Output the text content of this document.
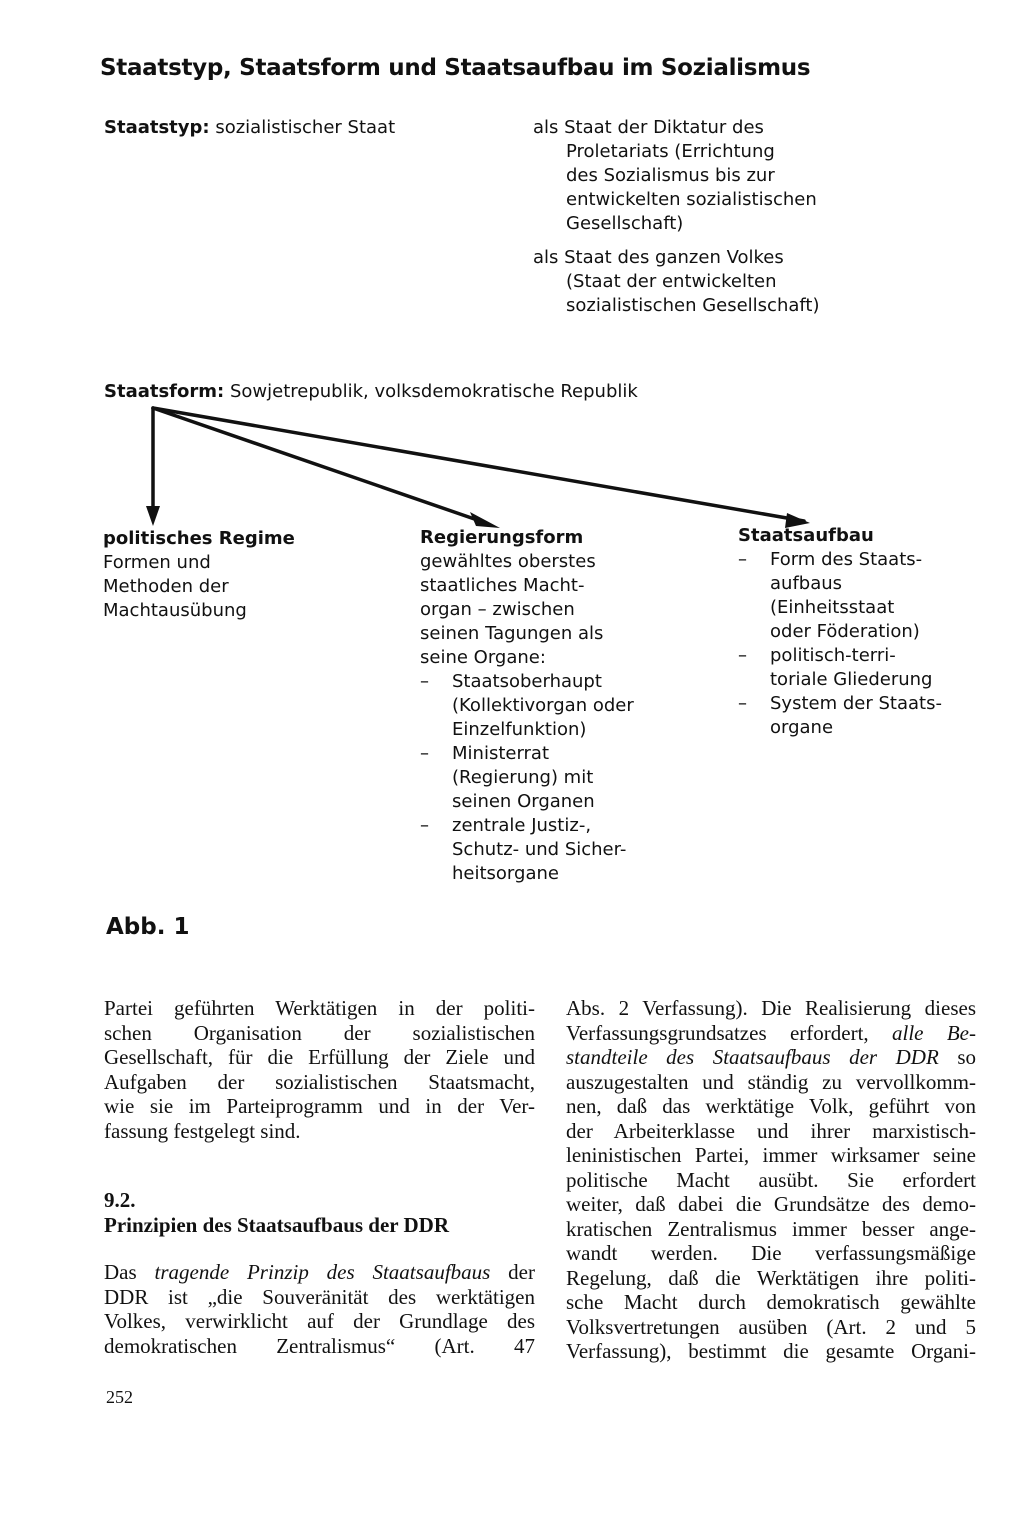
Staatstyp, Staatsform und Staatsaufbau im Sozialismus
Staatstyp: sozialistischer Staat	als Staat der Diktatur des
Proletariats (Errichtung
des Sozialismus bis zur
entwickelten sozialistischen
Gesellschaft)
als Staat des ganzen Volkes
(Staat der entwickelten
sozialistischen Gesellschaft)
Staatsform: Sowjetrepublik, volksdemokratische Republik
politisches Regime
Formen und
Methoden der
Machtausübung
Regierungsform
gewähltes oberstes
staatliches Macht-
organ – zwischen
seinen Tagungen als
seine Organe:
– Staatsoberhaupt
(Kollektivorgan oder
Einzelfunktion)
– Ministerrat
(Regierung) mit
seinen Organen
– zentrale Justiz-,
Schutz- und Sicher-
heitsorgane
Staatsaufbau
– Form des Staats-
aufbaus
(Einheitsstaat
oder Föderation)
– politisch-terri-
toriale Gliederung
– System der Staats-
organe
Abb. 1
Partei geführten Werktätigen in der politi-
schen Organisation der sozialistischen
Gesellschaft, für die Erfüllung der Ziele und
Aufgaben der sozialistischen Staatsmacht,
wie sie im Parteiprogramm und in der Ver-
fassung festgelegt sind.
9.2.
Prinzipien des Staatsaufbaus der DDR
Das tragende Prinzip des Staatsaufbaus der
DDR ist „die Souveränität des werktätigen
Volkes, verwirklicht auf der Grundlage des
demokratischen Zentralismus“ (Art. 47
Abs. 2 Verfassung). Die Realisierung dieses
Verfassungsgrundsatzes erfordert, alle Be-
standteile des Staatsaufbaus der DDR so
auszugestalten und ständig zu vervollkomm-
nen, daß das werktätige Volk, geführt von
der Arbeiterklasse und ihrer marxistisch-
leninistischen Partei, immer wirksamer seine
politische Macht ausübt. Sie erfordert
weiter, daß dabei die Grundsätze des demo-
kratischen Zentralismus immer besser ange-
wandt werden. Die verfassungsmäßige
Regelung, daß die Werktätigen ihre politi-
sche Macht durch demokratisch gewählte
Volksvertretungen ausüben (Art. 2 und 5
Verfassung), bestimmt die gesamte Organi-
252
